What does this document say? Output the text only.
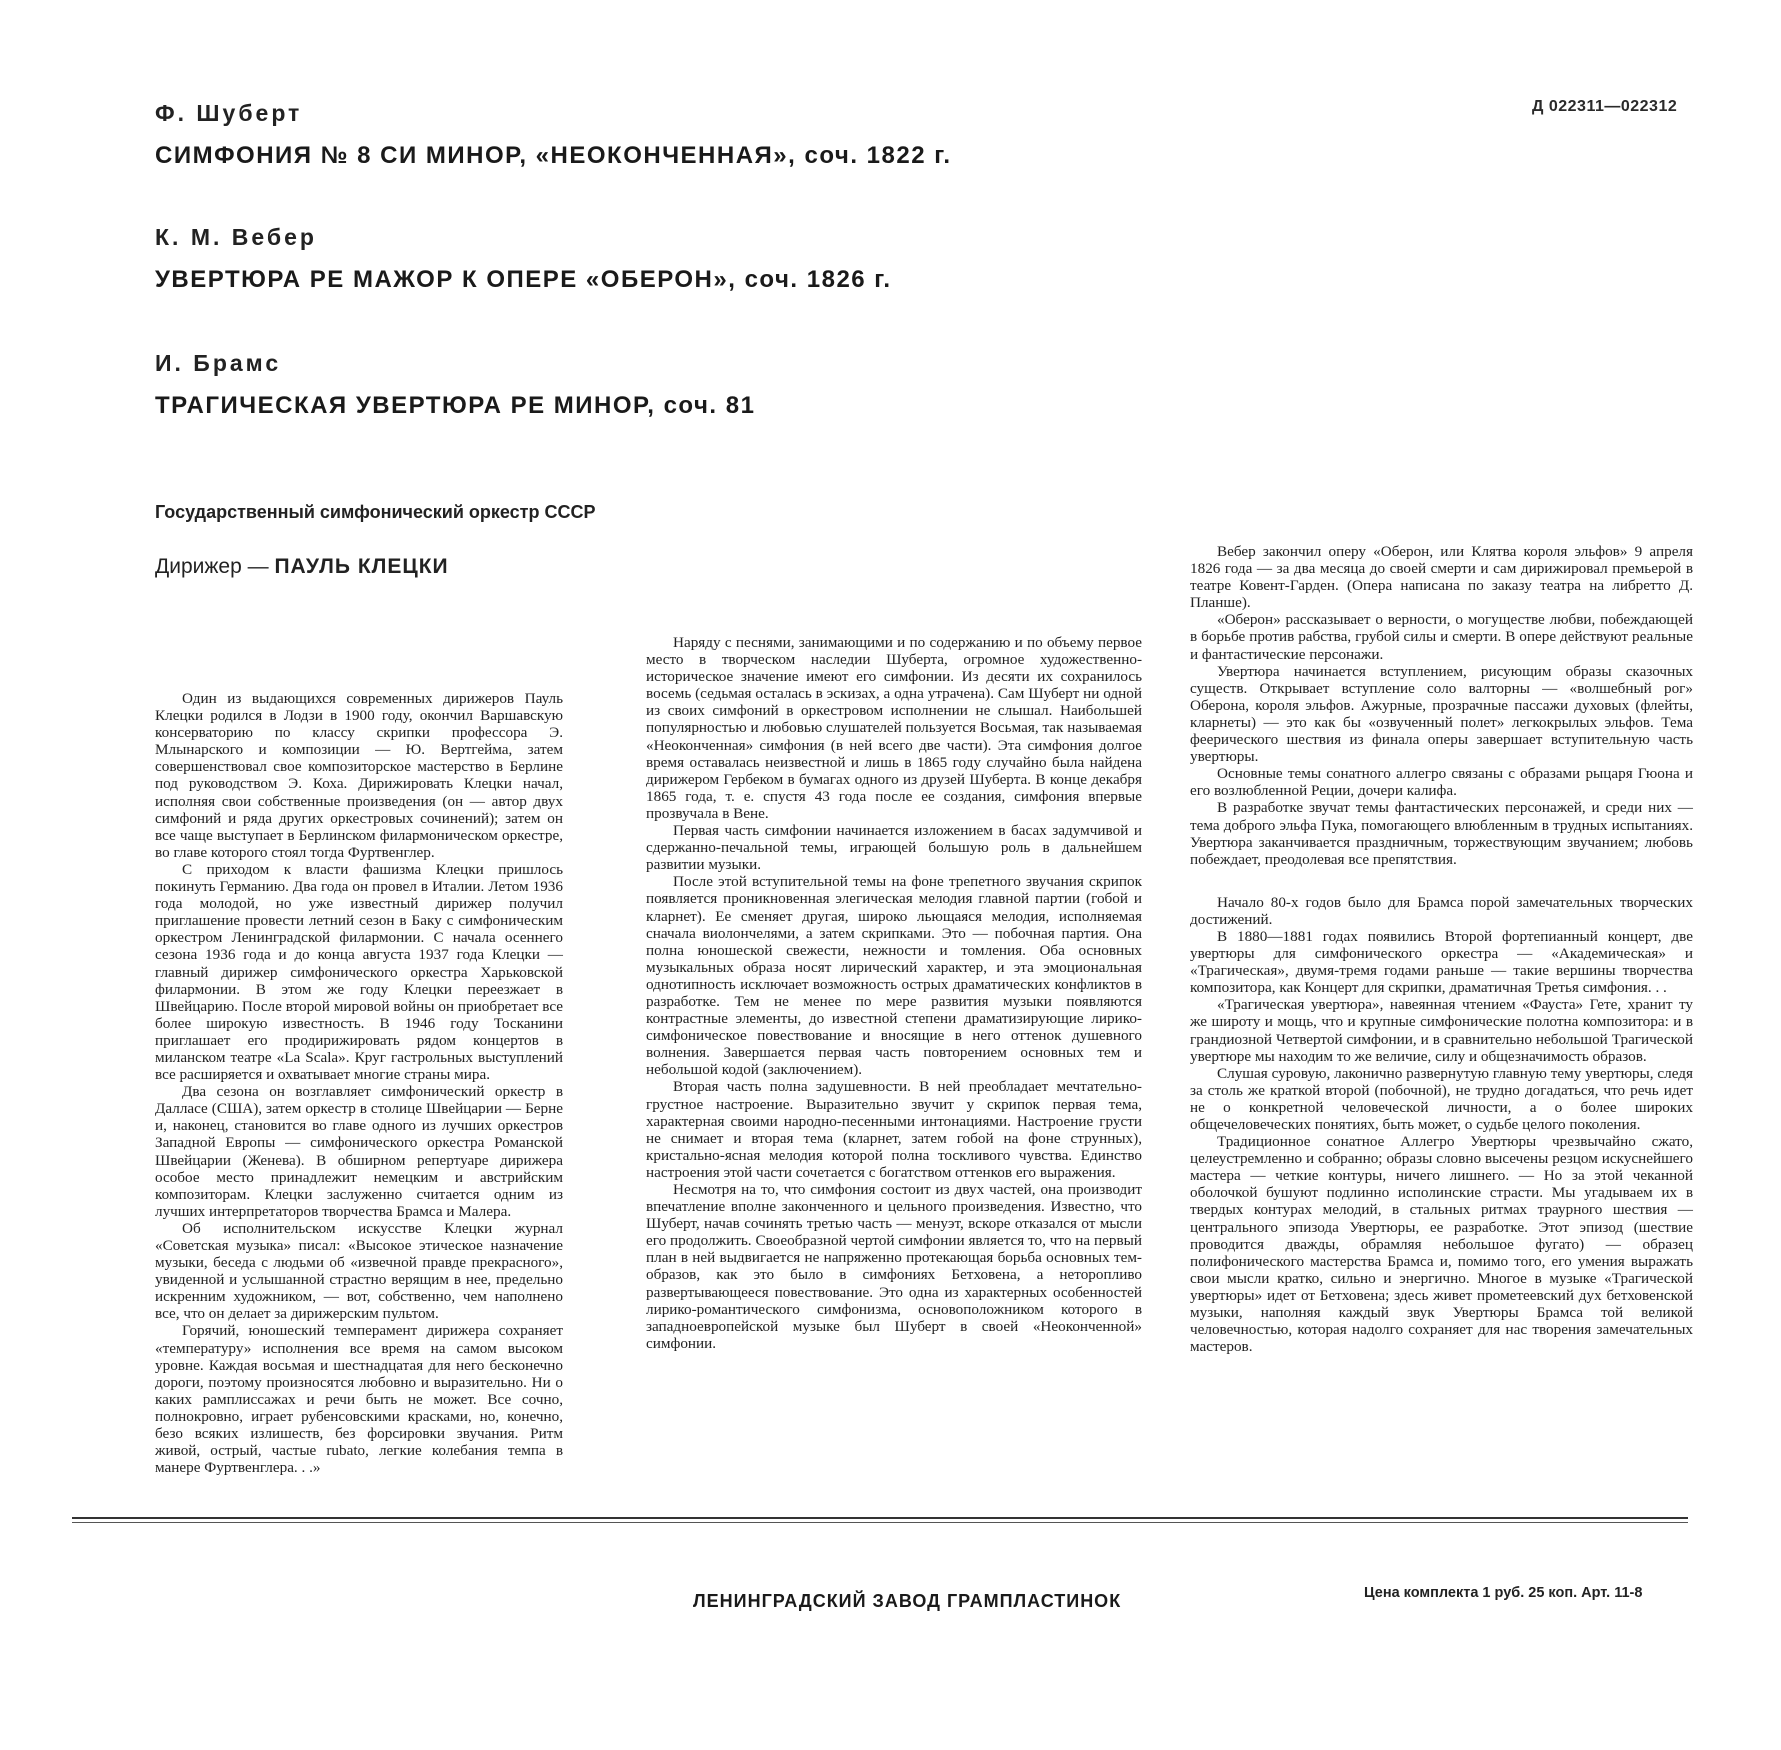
Д 022311—022312
Ф. Шуберт
СИМФОНИЯ № 8 СИ МИНОР, «НЕОКОНЧЕННАЯ», соч. 1822 г.
К. М. Вебер
УВЕРТЮРА РЕ МАЖОР К ОПЕРЕ «ОБЕРОН», соч. 1826 г.
И. Брамс
ТРАГИЧЕСКАЯ УВЕРТЮРА РЕ МИНОР, соч. 81
Государственный симфонический оркестр СССР
Дирижер — ПАУЛЬ КЛЕЦКИ

Один из выдающихся современных дирижеров Пауль Клецки родился в Лодзи в 1900 году, окончил Варшавскую консерваторию по классу скрипки профессора Э. Млынарского и композиции — Ю. Вертгейма, затем совершенствовал свое композиторское мастерство в Берлине под руководством Э. Коха. Дирижировать Клецки начал, исполняя свои собственные произведения (он — автор двух симфоний и ряда других оркестровых сочинений); затем он все чаще выступает в Берлинском филармоническом оркестре, во главе которого стоял тогда Фуртвенглер.

С приходом к власти фашизма Клецки пришлось покинуть Германию. Два года он провел в Италии. Летом 1936 года молодой, но уже известный дирижер получил приглашение провести летний сезон в Баку с симфоническим оркестром Ленинградской филармонии. С начала осеннего сезона 1936 года и до конца августа 1937 года Клецки — главный дирижер симфонического оркестра Харьковской филармонии. В этом же году Клецки переезжает в Швейцарию. После второй мировой войны он приобретает все более широкую известность. В 1946 году Тосканини приглашает его продирижировать рядом концертов в миланском театре «La Scala». Круг гастрольных выступлений все расширяется и охватывает многие страны мира.

Два сезона он возглавляет симфонический оркестр в Далласе (США), затем оркестр в столице Швейцарии — Берне и, наконец, становится во главе одного из лучших оркестров Западной Европы — симфонического оркестра Романской Швейцарии (Женева). В обширном репертуаре дирижера особое место принадлежит немецким и австрийским композиторам. Клецки заслуженно считается одним из лучших интерпретаторов творчества Брамса и Малера.

Об исполнительском искусстве Клецки журнал «Советская музыка» писал: «Высокое этическое назначение музыки, беседа с людьми об «извечной правде прекрасного», увиденной и услышанной страстно верящим в нее, предельно искренним художником, — вот, собственно, чем наполнено все, что он делает за дирижерским пультом.

Горячий, юношеский темперамент дирижера сохраняет «температуру» исполнения все время на самом высоком уровне. Каждая восьмая и шестнадцатая для него бесконечно дороги, поэтому произносятся любовно и выразительно. Ни о каких рамплиссажах и речи быть не может. Все сочно, полнокровно, играет рубенсовскими красками, но, конечно, безо всяких излишеств, без форсировки звучания. Ритм живой, острый, частые rubato, легкие колебания темпа в манере Фуртвенглера. . .»

Наряду с песнями, занимающими и по содержанию и по объему первое место в творческом наследии Шуберта, огромное художественно-историческое значение имеют его симфонии. Из десяти их сохранилось восемь (седьмая осталась в эскизах, а одна утрачена). Сам Шуберт ни одной из своих симфоний в оркестровом исполнении не слышал. Наибольшей популярностью и любовью слушателей пользуется Восьмая, так называемая «Неоконченная» симфония (в ней всего две части). Эта симфония долгое время оставалась неизвестной и лишь в 1865 году случайно была найдена дирижером Гербеком в бумагах одного из друзей Шуберта. В конце декабря 1865 года, т. е. спустя 43 года после ее создания, симфония впервые прозвучала в Вене.

Первая часть симфонии начинается изложением в басах задумчивой и сдержанно-печальной темы, играющей большую роль в дальнейшем развитии музыки.

После этой вступительной темы на фоне трепетного звучания скрипок появляется проникновенная элегическая мелодия главной партии (гобой и кларнет). Ее сменяет другая, широко льющаяся мелодия, исполняемая сначала виолончелями, а затем скрипками. Это — побочная партия. Она полна юношеской свежести, нежности и томления. Оба основных музыкальных образа носят лирический характер, и эта эмоциональная однотипность исключает возможность острых драматических конфликтов в разработке. Тем не менее по мере развития музыки появляются контрастные элементы, до известной степени драматизирующие лирико-симфоническое повествование и вносящие в него оттенок душевного волнения. Завершается первая часть повторением основных тем и небольшой кодой (заключением).

Вторая часть полна задушевности. В ней преобладает мечтательно-грустное настроение. Выразительно звучит у скрипок первая тема, характерная своими народно-песенными интонациями. Настроение грусти не снимает и вторая тема (кларнет, затем гобой на фоне струнных), кристально-ясная мелодия которой полна тоскливого чувства. Единство настроения этой части сочетается с богатством оттенков его выражения.

Несмотря на то, что симфония состоит из двух частей, она производит впечатление вполне законченного и цельного произведения. Известно, что Шуберт, начав сочинять третью часть — менуэт, вскоре отказался от мысли его продолжить. Своеобразной чертой симфонии является то, что на первый план в ней выдвигается не напряженно протекающая борьба основных тем-образов, как это было в симфониях Бетховена, а неторопливо развертывающееся повествование. Это одна из характерных особенностей лирико-романтического симфонизма, основоположником которого в западноевропейской музыке был Шуберт в своей «Неоконченной» симфонии.

Вебер закончил оперу «Оберон, или Клятва короля эльфов» 9 апреля 1826 года — за два месяца до своей смерти и сам дирижировал премьерой в театре Ковент-Гарден. (Опера написана по заказу театра на либретто Д. Планше).

«Оберон» рассказывает о верности, о могуществе любви, побеждающей в борьбе против рабства, грубой силы и смерти. В опере действуют реальные и фантастические персонажи.

Увертюра начинается вступлением, рисующим образы сказочных существ. Открывает вступление соло валторны — «волшебный рог» Оберона, короля эльфов. Ажурные, прозрачные пассажи духовых (флейты, кларнеты) — это как бы «озвученный полет» легкокрылых эльфов. Тема феерического шествия из финала оперы завершает вступительную часть увертюры.

Основные темы сонатного аллегро связаны с образами рыцаря Гюона и его возлюбленной Реции, дочери калифа.

В разработке звучат темы фантастических персонажей, и среди них — тема доброго эльфа Пука, помогающего влюбленным в трудных испытаниях. Увертюра заканчивается праздничным, торжествующим звучанием; любовь побеждает, преодолевая все препятствия.

Начало 80-х годов было для Брамса порой замечательных творческих достижений.

В 1880—1881 годах появились Второй фортепианный концерт, две увертюры для симфонического оркестра — «Академическая» и «Трагическая», двумя-тремя годами раньше — такие вершины творчества композитора, как Концерт для скрипки, драматичная Третья симфония. . .

«Трагическая увертюра», навеянная чтением «Фауста» Гете, хранит ту же широту и мощь, что и крупные симфонические полотна композитора: и в грандиозной Четвертой симфонии, и в сравнительно небольшой Трагической увертюре мы находим то же величие, силу и общезначимость образов.

Слушая суровую, лаконично развернутую главную тему увертюры, следя за столь же краткой второй (побочной), не трудно догадаться, что речь идет не о конкретной человеческой личности, а о более широких общечеловеческих понятиях, быть может, о судьбе целого поколения.

Традиционное сонатное Аллегро Увертюры чрезвычайно сжато, целеустремленно и собранно; образы словно высечены резцом искуснейшего мастера — четкие контуры, ничего лишнего. — Но за этой чеканной оболочкой бушуют подлинно исполинские страсти. Мы угадываем их в твердых контурах мелодий, в стальных ритмах траурного шествия — центрального эпизода Увертюры, ее разработке. Этот эпизод (шествие проводится дважды, обрамляя небольшое фугато) — образец полифонического мастерства Брамса и, помимо того, его умения выражать свои мысли кратко, сильно и энергично. Многое в музыке «Трагической увертюры» идет от Бетховена; здесь живет прометеевский дух бетховенской музыки, наполняя каждый звук Увертюры Брамса той великой человечностью, которая надолго сохраняет для нас творения замечательных мастеров.

ЛЕНИНГРАДСКИЙ ЗАВОД ГРАМПЛАСТИНОК	Цена комплекта 1 руб. 25 коп. Арт. 11-8
